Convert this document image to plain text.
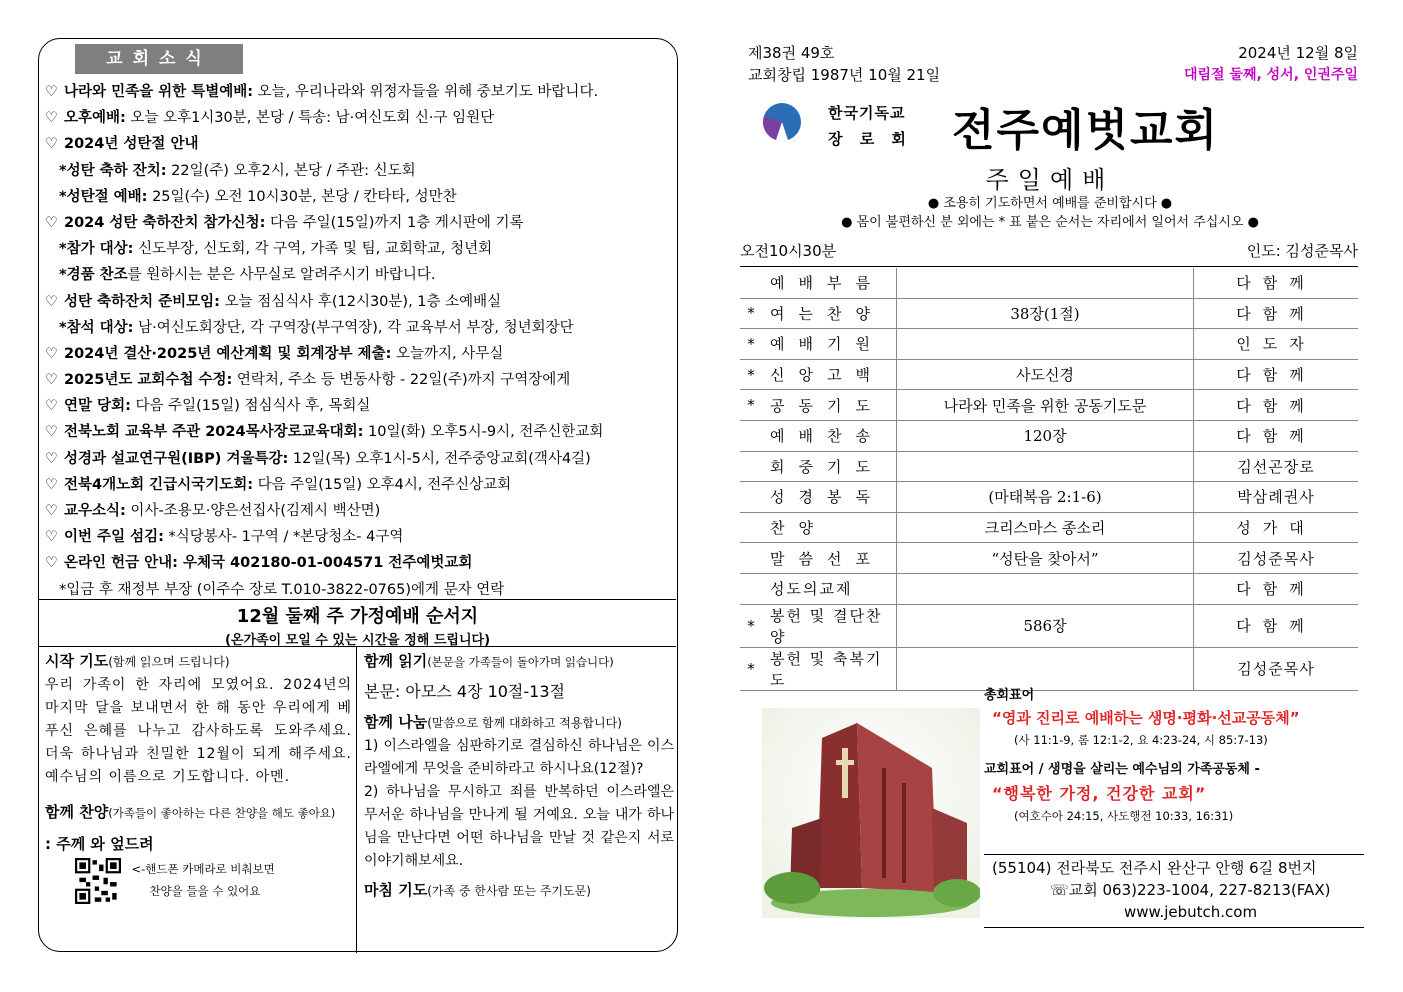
교회소식
♡ 나라와 민족을 위한 특별예배: 오늘, 우리나라와 위정자들을 위해 중보기도 바랍니다.
♡ 오후예배: 오늘 오후1시30분, 본당 / 특송: 남·여신도회 신·구 임원단
♡ 2024년 성탄절 안내
*성탄 축하 잔치: 22일(주) 오후2시, 본당 / 주관: 신도회
*성탄절 예배: 25일(수) 오전 10시30분, 본당 / 칸타타, 성만찬
♡ 2024 성탄 축하잔치 참가신청: 다음 주일(15일)까지 1층 게시판에 기록
*참가 대상: 신도부장, 신도회, 각 구역, 가족 및 팀, 교회학교, 청년회
*경품 찬조를 원하시는 분은 사무실로 알려주시기 바랍니다.
♡ 성탄 축하잔치 준비모임: 오늘 점심식사 후(12시30분), 1층 소예배실
*참석 대상: 남·여신도회장단, 각 구역장(부구역장), 각 교육부서 부장, 청년회장단
♡ 2024년 결산·2025년 예산계획 및 회계장부 제출: 오늘까지, 사무실
♡ 2025년도 교회수첩 수정: 연락처, 주소 등 변동사항 - 22일(주)까지 구역장에게
♡ 연말 당회: 다음 주일(15일) 점심식사 후, 목회실
♡ 전북노회 교육부 주관 2024목사장로교육대회: 10일(화) 오후5시-9시, 전주신한교회
♡ 성경과 설교연구원(IBP) 겨울특강: 12일(목) 오후1시-5시, 전주중앙교회(객사4길)
♡ 전북4개노회 긴급시국기도회: 다음 주일(15일) 오후4시, 전주신상교회
♡ 교우소식: 이사-조용모·양은선집사(김제시 백산면)
♡ 이번 주일 섬김: *식당봉사- 1구역 / *본당청소- 4구역
♡ 온라인 헌금 안내: 우체국 402180-01-004571 전주예벗교회
*입금 후 재정부 부장 (이주수 장로 T.010-3822-0765)에게 문자 연락
12월 둘째 주 가정예배 순서지
(온가족이 모일 수 있는 시간을 정해 드립니다)
시작 기도(함께 읽으며 드립니다)
우리 가족이 한 자리에 모였어요. 2024년의 마지막 달을 보내면서 한 해 동안 우리에게 베푸신 은혜를 나누고 감사하도록 도와주세요. 더욱 하나님과 친밀한 12월이 되게 해주세요. 예수님의 이름으로 기도합니다. 아멘.
함께 찬양(가족들이 좋아하는 다른 찬양을 해도 좋아요)
: 주께 와 엎드려

<-핸드폰 카메라로 비춰보면
찬양을 들을 수 있어요
함께 읽기(본문을 가족들이 돌아가며 읽습니다)
본문: 아모스 4장 10절-13절
함께 나눔(말씀으로 함께 대화하고 적용합니다)
1) 이스라엘을 심판하기로 결심하신 하나님은 이스라엘에게 무엇을 준비하라고 하시나요(12절)?
2) 하나님을 무시하고 죄를 반복하던 이스라엘은 무서운 하나님을 만나게 될 거예요. 오늘 내가 하나님을 만난다면 어떤 하나님을 만날 것 같은지 서로 이야기해보세요.
마침 기도(가족 중 한사람 또는 주기도문)
제38권 49호
교회창립 1987년 10월 21일
2024년 12월 8일
대림절 둘째, 성서, 인권주일
한국기독교
장 로 회 전주예벗교회
주일예배
● 조용히 기도하면서 예배를 준비합시다 ●
● 몸이 불편하신 분 외에는 * 표 붙은 순서는 자리에서 일어서 주십시오 ●
오전10시30분	인도: 김성준목사
	예배부름		다함께
*	여는찬양	38장(1절)	다함께
*	예배기원		인도자
*	신앙고백	사도신경	다함께
*	공동기도	나라와 민족을 위한 공동기도문	다함께
	예배찬송	120장	다함께
	회중기도		김선곤장로
	성경봉독	(마태복음 2:1-6)	박삼례권사
	찬양	크리스마스 종소리	성가대
	말씀선포	“성탄을 찾아서”	김성준목사
	성도의교제		다함께
*	봉헌 및 결단찬양	586장	다함께
*	봉헌 및 축복기도		김성준목사
총회표어
“영과 진리로 예배하는 생명·평화·선교공동체”
(사 11:1-9, 롬 12:1-2, 요 4:23-24, 시 85:7-13)
교회표어 / 생명을 살리는 예수님의 가족공동체 -
“행복한 가정, 건강한 교회”
(여호수아 24:15, 사도행전 10:33, 16:31)
(55104) 전라북도 전주시 완산구 안행 6길 8번지
☏교회 063)223-1004, 227-8213(FAX)
www.jebutch.com
